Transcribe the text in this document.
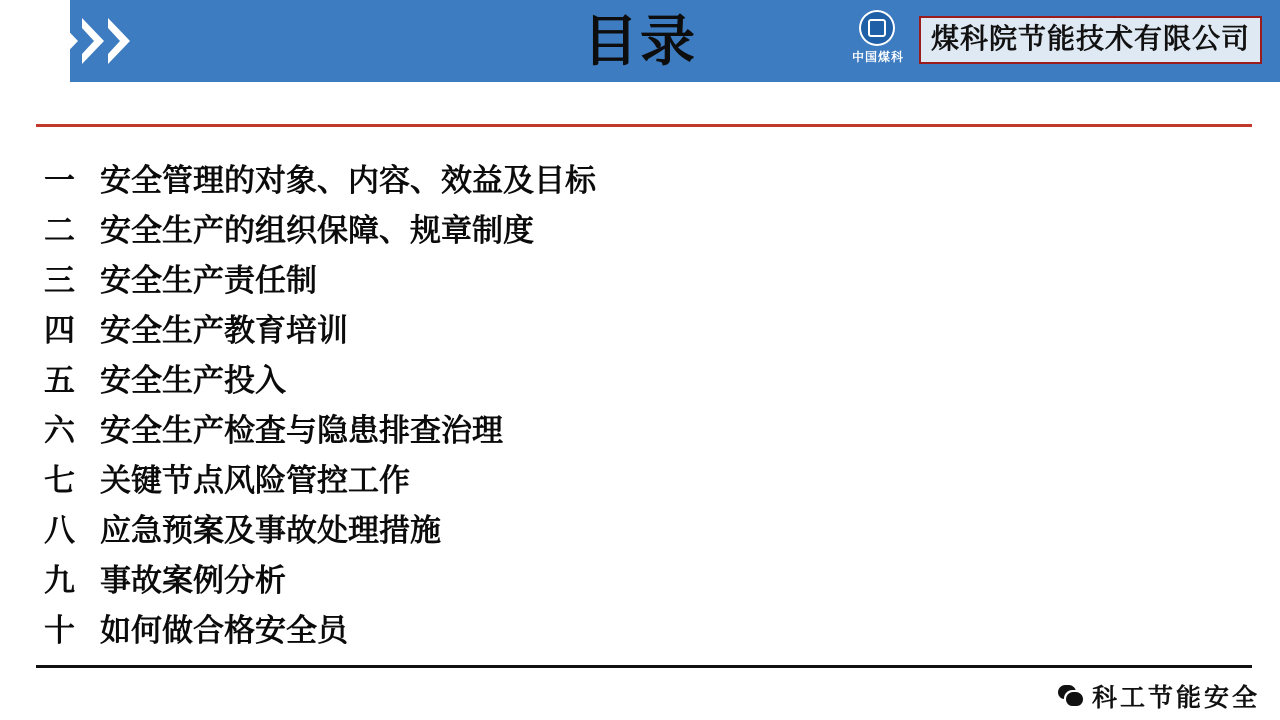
目录	中国煤科
煤科院节能技术有限公司
一 安全管理的对象、内容、效益及目标
二 安全生产的组织保障、规章制度
三 安全生产责任制
四 安全生产教育培训
五 安全生产投入
六 安全生产检查与隐患排查治理
七 关键节点风险管控工作
八 应急预案及事故处理措施
九 事故案例分析
十 如何做合格安全员
科工节能安全
